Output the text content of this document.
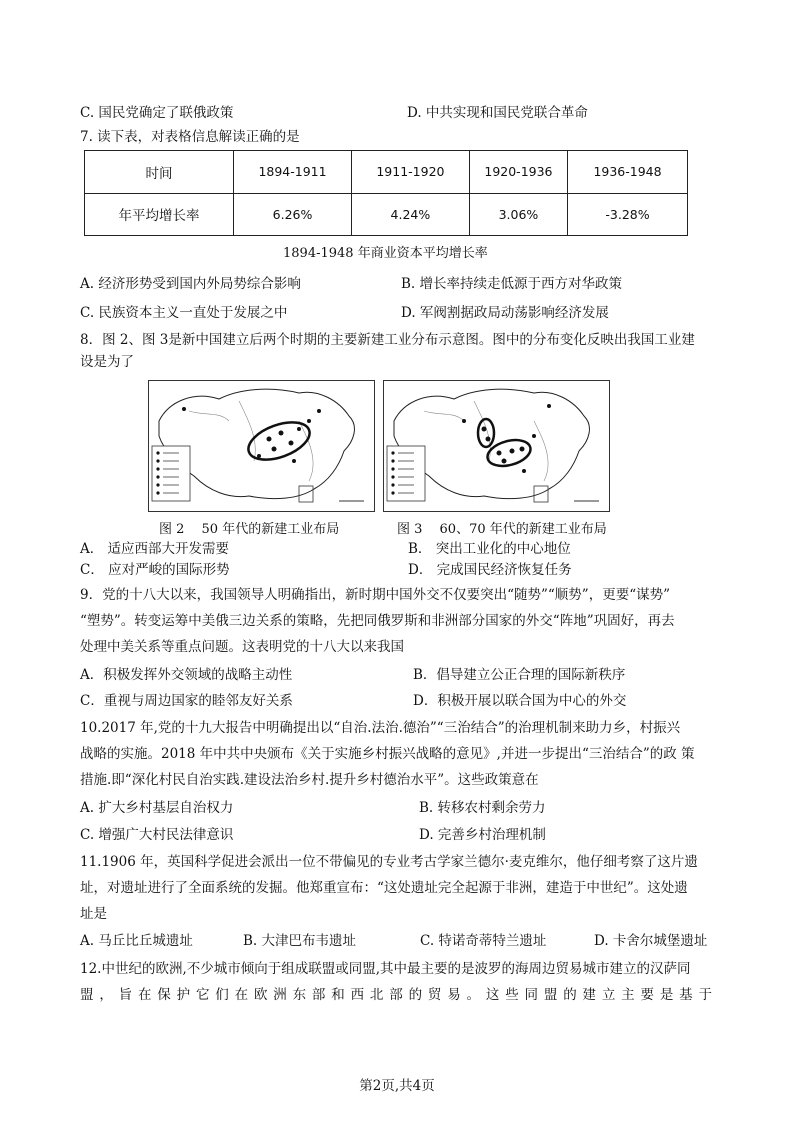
C. 国民党确定了联俄政策	D. 中共实现和国民党联合革命
7. 读下表，对表格信息解读正确的是
时间	1894-1911	1911-1920	1920-1936	1936-1948
年平均增长率	6.26%	4.24%	3.06%	-3.28%
1894-1948 年商业资本平均增长率
A. 经济形势受到国内外局势综合影响	B. 增长率持续走低源于西方对华政策
C. 民族资本主义一直处于发展之中	D. 军阀割据政局动荡影响经济发展
8．图 2、图 3是新中国建立后两个时期的主要新建工业分布示意图。图中的分布变化反映出我国工业建
设是为了
图 2　 50 年代的新建工业布局	图 3　 60、70 年代的新建工业布局
A． 适应西部大开发需要	B． 突出工业化的中心地位
C． 应对严峻的国际形势	D． 完成国民经济恢复任务
9．党的十八大以来，我国领导人明确指出，新时期中国外交不仅要突出“随势”“顺势”，更要“谋势”
“塑势”。转变运筹中美俄三边关系的策略，先把同俄罗斯和非洲部分国家的外交“阵地”巩固好，再去
处理中美关系等重点问题。这表明党的十八大以来我国
A．积极发挥外交领域的战略主动性	B．倡导建立公正合理的国际新秩序
C．重视与周边国家的睦邻友好关系	D．积极开展以联合国为中心的外交
10.2017 年,党的十九大报告中明确提出以“自治.法治.德治”“三治结合”的治理机制来助力乡，村振兴
战略的实施。2018 年中共中央颁布《关于实施乡村振兴战略的意见》,并进一步提出“三治结合”的政 策
措施.即“深化村民自治实践.建设法治乡村.提升乡村德治水平”。这些政策意在
A. 扩大乡村基层自治权力	B. 转移农村剩余劳力
C. 增强广大村民法律意识	D. 完善乡村治理机制
11.1906 年，英国科学促进会派出一位不带偏见的专业考古学家兰德尔·麦克维尔，他仔细考察了这片遗
址，对遗址进行了全面系统的发掘。他郑重宣布：“这处遗址完全起源于非洲，建造于中世纪”。这处遗
址是
A. 马丘比丘城遗址	B. 大津巴布韦遗址	C. 特诺奇蒂特兰遗址	D. 卡舍尔城堡遗址
12.中世纪的欧洲,不少城市倾向于组成联盟或同盟,其中最主要的是波罗的海周边贸易城市建立的汉萨同
盟，旨在保护它们在欧洲东部和西北部的贸易。这些同盟的建立主要是基于
第2页,共4页
